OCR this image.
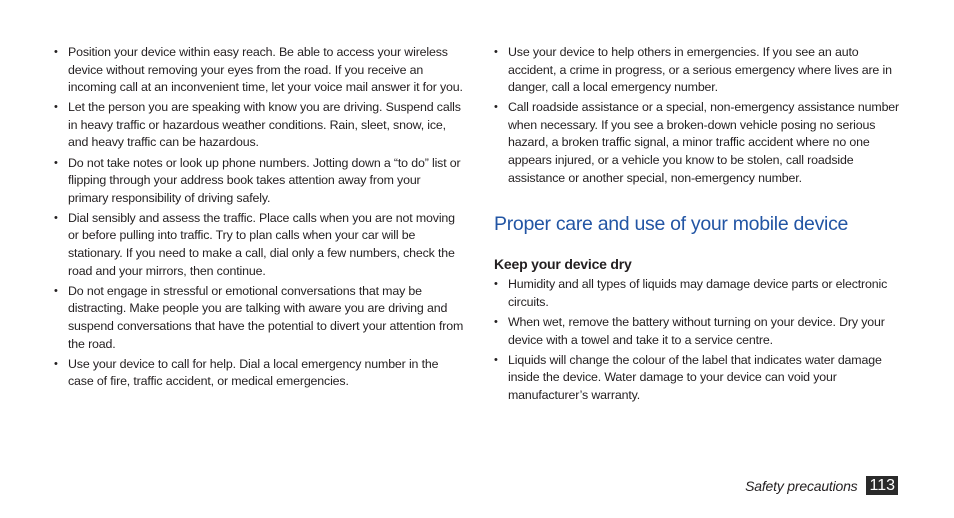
• Position your device within easy reach. Be able to access your wireless device without removing your eyes from the road. If you receive an incoming call at an inconvenient time, let your voice mail answer it for you.
• Let the person you are speaking with know you are driving. Suspend calls in heavy traffic or hazardous weather conditions. Rain, sleet, snow, ice, and heavy traffic can be hazardous.
• Do not take notes or look up phone numbers. Jotting down a “to do” list or flipping through your address book takes attention away from your primary responsibility of driving safely.
• Dial sensibly and assess the traffic. Place calls when you are not moving or before pulling into traffic. Try to plan calls when your car will be stationary. If you need to make a call, dial only a few numbers, check the road and your mirrors, then continue.
• Do not engage in stressful or emotional conversations that may be distracting. Make people you are talking with aware you are driving and suspend conversations that have the potential to divert your attention from the road.
• Use your device to call for help. Dial a local emergency number in the case of fire, traffic accident, or medical emergencies.
• Use your device to help others in emergencies. If you see an auto accident, a crime in progress, or a serious emergency where lives are in danger, call a local emergency number.
• Call roadside assistance or a special, non-emergency assistance number when necessary. If you see a broken-down vehicle posing no serious hazard, a broken traffic signal, a minor traffic accident where no one appears injured, or a vehicle you know to be stolen, call roadside assistance or another special, non-emergency number.
Proper care and use of your mobile device
Keep your device dry
• Humidity and all types of liquids may damage device parts or electronic circuits.
• When wet, remove the battery without turning on your device. Dry your device with a towel and take it to a service centre.
• Liquids will change the colour of the label that indicates water damage inside the device. Water damage to your device can void your manufacturer’s warranty.
Safety precautions 113
